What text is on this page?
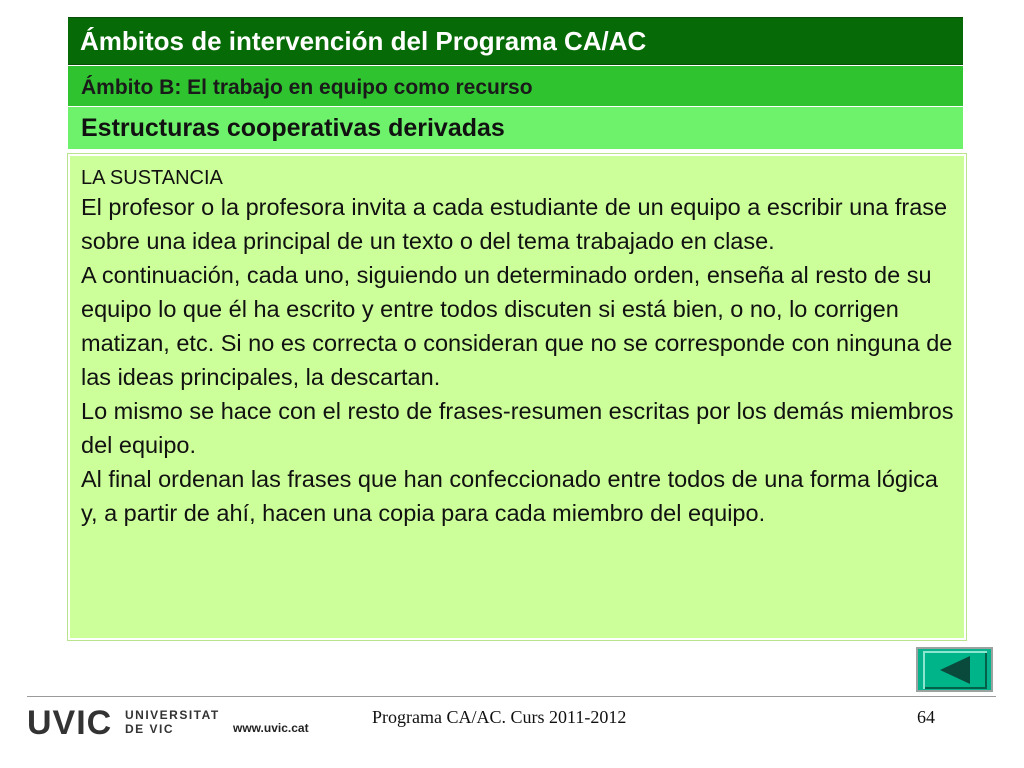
Ámbitos de intervención del Programa CA/AC
Ámbito B: El trabajo en equipo como recurso
Estructuras cooperativas derivadas
LA SUSTANCIA

El profesor o la profesora invita a cada estudiante de un equipo a escribir una frase sobre una idea principal de un texto o del tema trabajado en clase.

A continuación, cada uno, siguiendo un determinado orden, enseña al resto de su equipo lo que él ha escrito y entre todos discuten si está bien, o no, lo corrigen matizan, etc. Si no es correcta o consideran que no se corresponde con ninguna de las ideas principales, la descartan.

Lo mismo se hace con el resto de frases-resumen escritas por los demás miembros del equipo.

Al final ordenan las frases que han confeccionado entre todos de una forma lógica y, a partir de ahí, hacen una copia para cada miembro del equipo.

UVIC UNIVERSITAT
DE VIC	www.uvic.cat
Programa CA/AC. Curs 2011-2012	64
